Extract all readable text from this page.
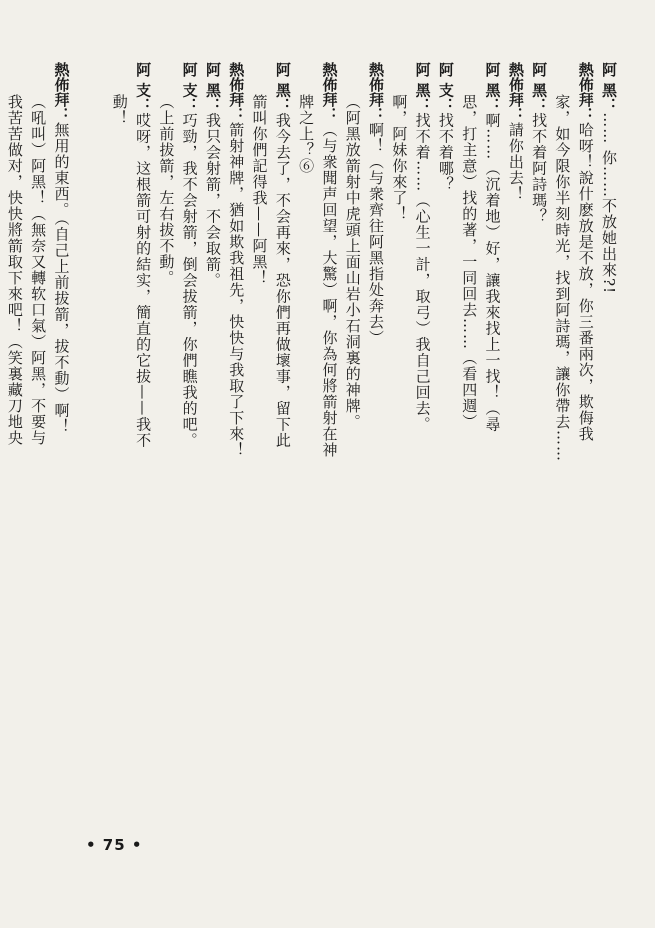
阿 黑：…… 你……不放她出來?!
熱佈拜：哈呀！說什麽放是不放，你三番兩次，欺侮我
家，如今限你半刻時光，找到阿詩瑪，讓你帶去……
阿 黑：找不着阿詩瑪？
熱佈拜：請你出去！
阿 黑：啊……（沉着地）好，讓我來找上一找！（尋
思，打主意）找的著，一同回去……（看四週）
阿 支：找不着哪？
阿 黑：找不着……（心生一計，取弓）我自己回去。
啊，阿妹你來了！
熱佈拜：啊！（与衆齊往阿黑指处奔去）
（阿黑放箭射中虎頭上面山岩小石洞裏的神牌。
熱佈拜：（与衆聞声回望，大驚）啊，你為何將箭射在神
牌之上？⑥
阿 黑：我今去了，不会再來，恐你們再做壞事，留下此
箭叫你們記得我——阿黑！
熱佈拜：箭射神牌，猶如欺我祖先，快快与我取了下來！
阿 黑：我只会射箭，不会取箭。
阿 支：巧勁，我不会射箭，倒会拔箭，你們瞧我的吧。
（上前拔箭，左右拔不動。
阿 支：哎呀，这根箭可射的結实，簡直的它拔——我不
動！
熱佈拜：無用的東西。（自己上前拔箭，拔不動）啊！
（吼叫）阿黑！（無奈又轉软口氣）阿黑，不要与
我苦苦做对，快快將箭取下來吧！（笑裏藏刀地央
• 75 •
